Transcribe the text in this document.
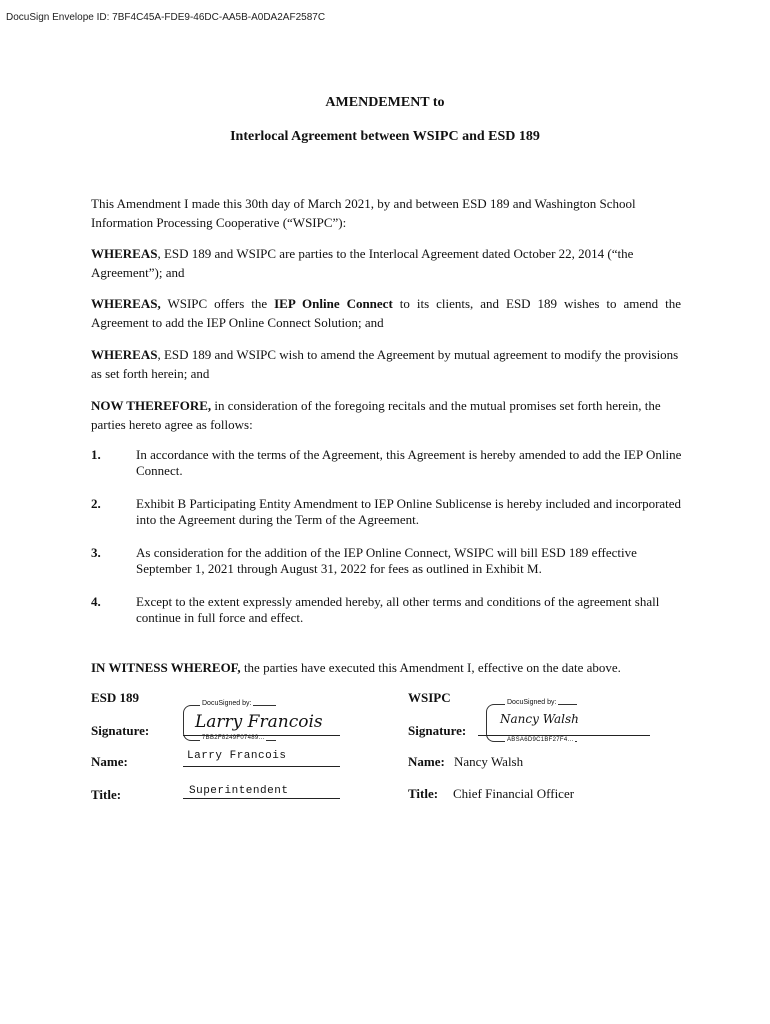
DocuSign Envelope ID: 7BF4C45A-FDE9-46DC-AA5B-A0DA2AF2587C
AMENDEMENT to
Interlocal Agreement between WSIPC and ESD 189
This Amendment I made this 30th day of March 2021, by and between ESD 189 and Washington School Information Processing Cooperative (“WSIPC”):
WHEREAS, ESD 189 and WSIPC are parties to the Interlocal Agreement dated October 22, 2014 (“the Agreement”); and
WHEREAS, WSIPC offers the IEP Online Connect to its clients, and ESD 189 wishes to amend the Agreement to add the IEP Online Connect Solution; and
WHEREAS, ESD 189 and WSIPC wish to amend the Agreement by mutual agreement to modify the provisions as set forth herein; and
NOW THEREFORE, in consideration of the foregoing recitals and the mutual promises set forth herein, the parties hereto agree as follows:
1.	In accordance with the terms of the Agreement, this Agreement is hereby amended to add the IEP Online Connect.
2.	Exhibit B Participating Entity Amendment to IEP Online Sublicense is hereby included and incorporated into the Agreement during the Term of the Agreement.
3.	As consideration for the addition of the IEP Online Connect, WSIPC will bill ESD 189 effective September 1, 2021 through August 31, 2022 for fees as outlined in Exhibit M.
4.	Except to the extent expressly amended hereby, all other terms and conditions of the agreement shall continue in full force and effect.
IN WITNESS WHEREOF, the parties have executed this Amendment I, effective on the date above.
ESD 189
Signature:
DocuSigned by:
Larry Francois
7BB2F8249F07489...
Name:	Larry Francois
Title:	Superintendent
WSIPC
Signature:
DocuSigned by:
Nancy Walsh
ABSA6D9C1BF27F4...
Name: Nancy Walsh
Title: Chief Financial Officer
